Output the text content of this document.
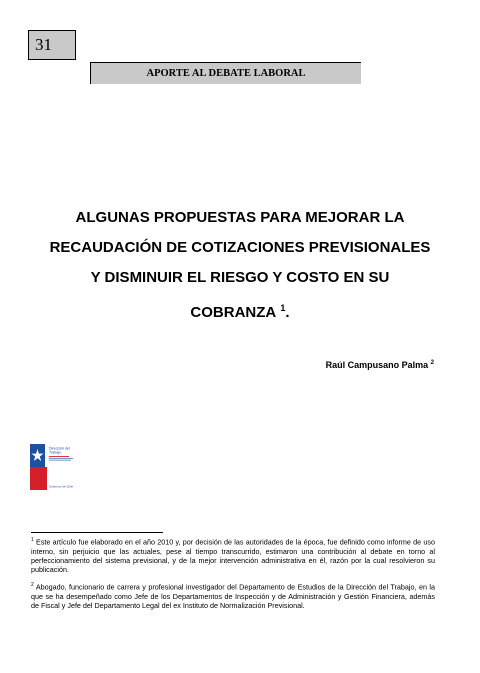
31
APORTE AL DEBATE LABORAL
ALGUNAS PROPUESTAS PARA MEJORAR LA
RECAUDACIÓN DE COTIZACIONES PREVISIONALES
Y DISMINUIR EL RIESGO Y COSTO EN SU
COBRANZA $^1$.
Raúl Campusano Palma $^2$
Dirección del
Trabajo
Gobierno de Chile

$^1$ Este artículo fue elaborado en el año 2010 y, por decisión de las autoridades de la época, fue definido como informe de uso interno, sin perjuicio que las actuales, pese al tiempo transcurrido, estimaron una contribución al debate en torno al perfeccionamiento del sistema previsional, y de la mejor intervención administrativa en él, razón por la cual resolvieron su publicación.

$^2$ Abogado, funcionario de carrera y profesional investigador del Departamento de Estudios de la Dirección del Trabajo, en la que se ha desempeñado como Jefe de los Departamentos de Inspección y de Administración y Gestión Financiera, además de Fiscal y Jefe del Departamento Legal del ex Instituto de Normalización Previsional.
